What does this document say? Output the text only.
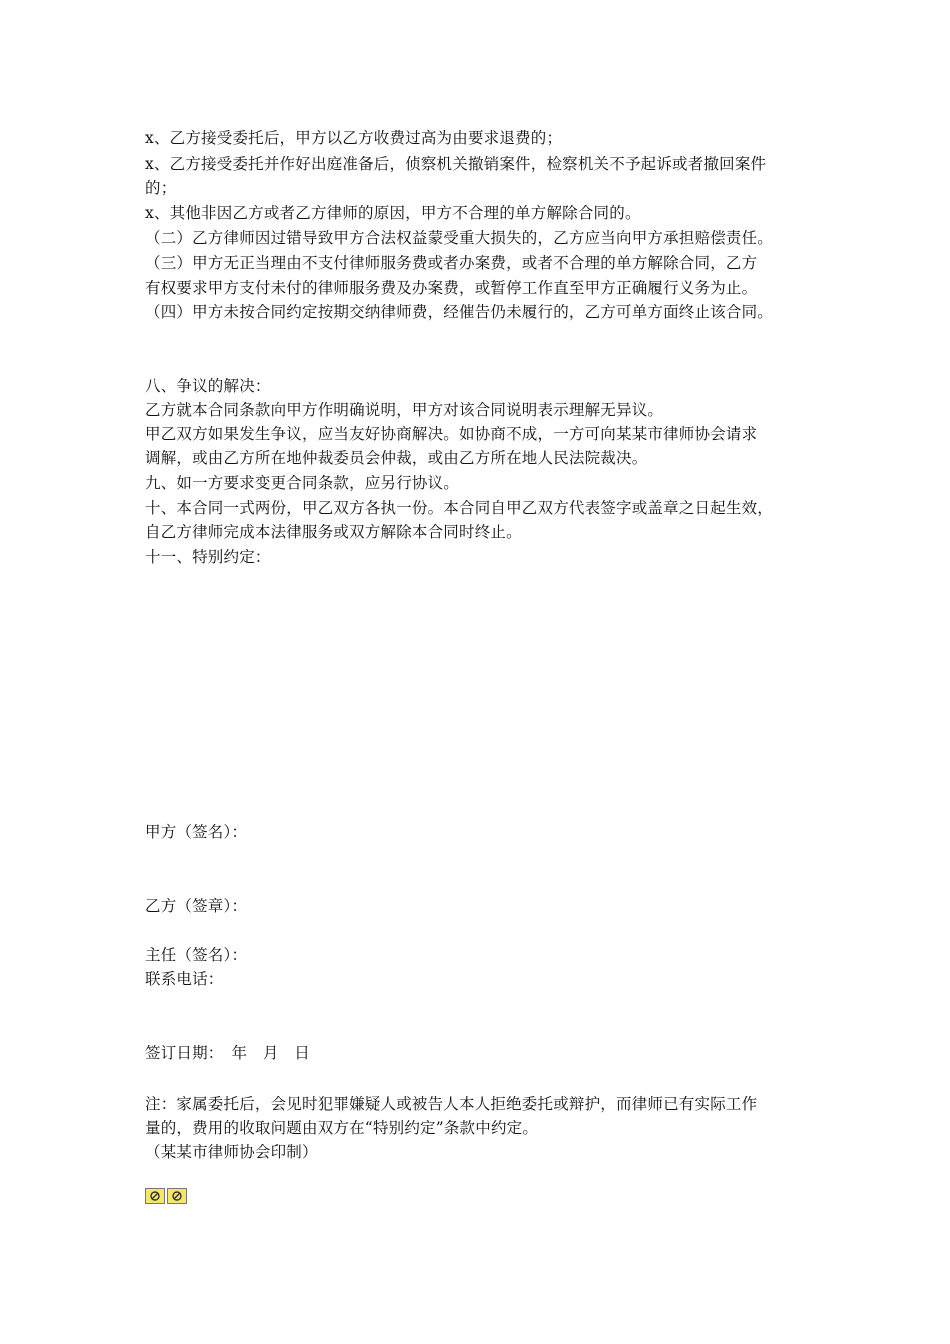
x、乙方接受委托后，甲方以乙方收费过高为由要求退费的；
x、乙方接受委托并作好出庭准备后，侦察机关撤销案件，检察机关不予起诉或者撤回案件
的；
x、其他非因乙方或者乙方律师的原因，甲方不合理的单方解除合同的。
（二）乙方律师因过错导致甲方合法权益蒙受重大损失的，乙方应当向甲方承担赔偿责任。
（三）甲方无正当理由不支付律师服务费或者办案费，或者不合理的单方解除合同，乙方
有权要求甲方支付未付的律师服务费及办案费，或暂停工作直至甲方正确履行义务为止。
（四）甲方未按合同约定按期交纳律师费，经催告仍未履行的，乙方可单方面终止该合同。
八、争议的解决：
乙方就本合同条款向甲方作明确说明，甲方对该合同说明表示理解无异议。
甲乙双方如果发生争议，应当友好协商解决。如协商不成，一方可向某某市律师协会请求
调解，或由乙方所在地仲裁委员会仲裁，或由乙方所在地人民法院裁决。
九、如一方要求变更合同条款，应另行协议。
十、本合同一式两份，甲乙双方各执一份。本合同自甲乙双方代表签字或盖章之日起生效，
自乙方律师完成本法律服务或双方解除本合同时终止。
十一、特别约定：
甲方（签名）：
乙方（签章）：
主任（签名）：
联系电话：
签订日期：　年　月　日
注：家属委托后，会见时犯罪嫌疑人或被告人本人拒绝委托或辩护，而律师已有实际工作
量的，费用的收取问题由双方在“特别约定”条款中约定。
（某某市律师协会印制）
